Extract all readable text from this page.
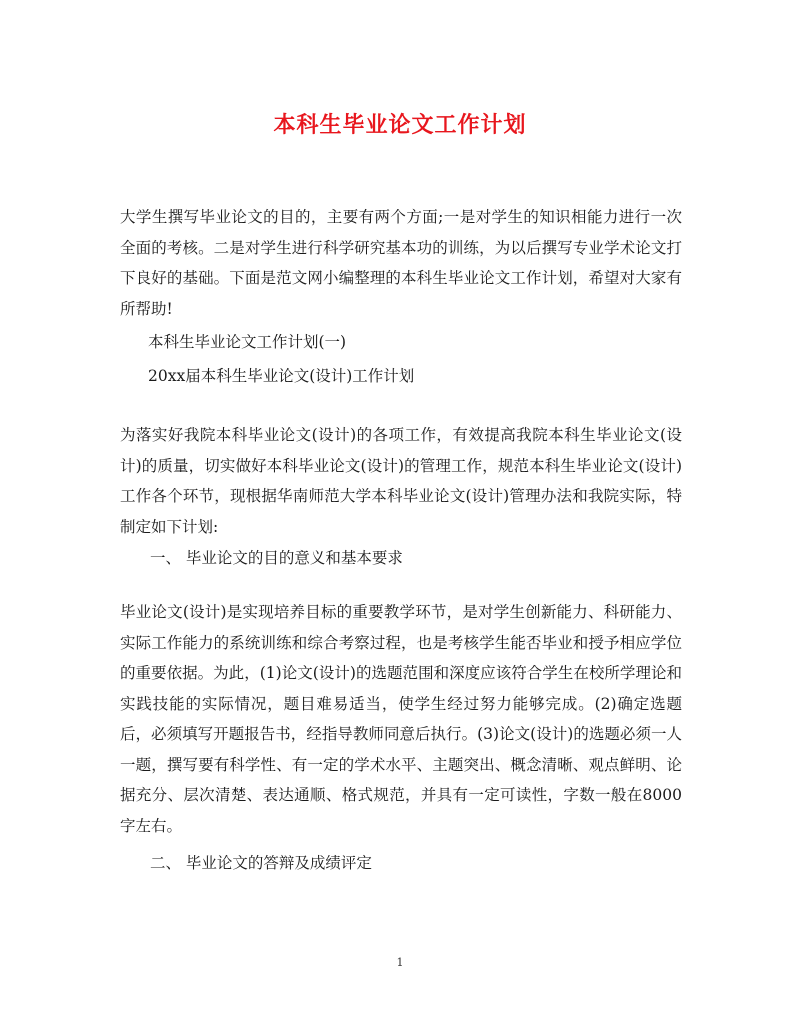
本科生毕业论文工作计划

大学生撰写毕业论文的目的，主要有两个方面;一是对学生的知识相能力进行一次全面的考核。二是对学生进行科学研究基本功的训练，为以后撰写专业学术论文打下良好的基础。下面是范文网小编整理的本科生毕业论文工作计划，希望对大家有所帮助!

本科生毕业论文工作计划(一)

20xx届本科生毕业论文(设计)工作计划

为落实好我院本科毕业论文(设计)的各项工作，有效提高我院本科生毕业论文(设计)的质量，切实做好本科毕业论文(设计)的管理工作，规范本科生毕业论文(设计)工作各个环节，现根据华南师范大学本科毕业论文(设计)管理办法和我院实际，特制定如下计划:

一、 毕业论文的目的意义和基本要求

毕业论文(设计)是实现培养目标的重要教学环节，是对学生创新能力、科研能力、实际工作能力的系统训练和综合考察过程，也是考核学生能否毕业和授予相应学位的重要依据。为此，(1)论文(设计)的选题范围和深度应该符合学生在校所学理论和实践技能的实际情况，题目难易适当，使学生经过努力能够完成。(2)确定选题后，必须填写开题报告书，经指导教师同意后执行。(3)论文(设计)的选题必须一人一题，撰写要有科学性、有一定的学术水平、主题突出、概念清晰、观点鲜明、论据充分、层次清楚、表达通顺、格式规范，并具有一定可读性，字数一般在8000字左右。

二、 毕业论文的答辩及成绩评定

1
